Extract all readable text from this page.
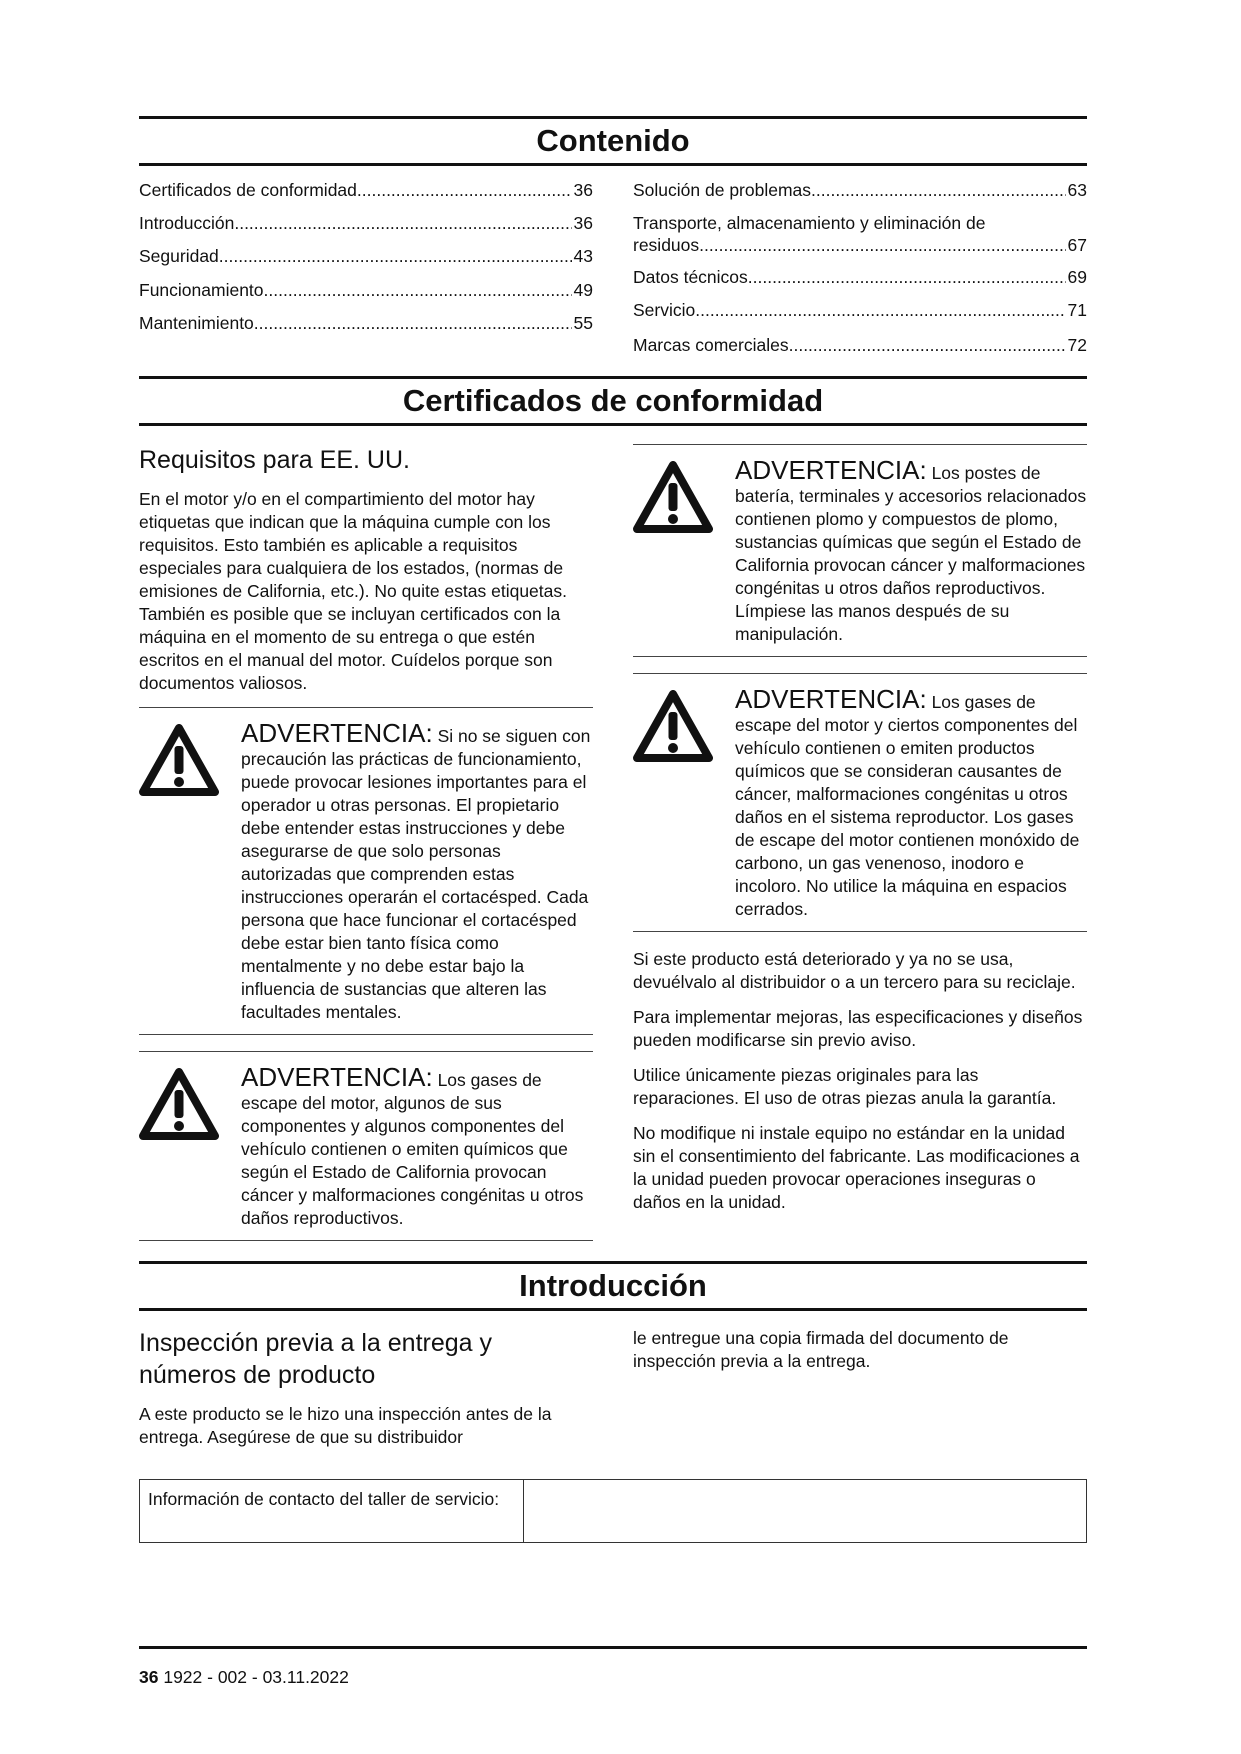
Contenido
Certificados de conformidad .....	36
Introducción .....	36
Seguridad .....	43
Funcionamiento .....	49
Mantenimiento .....	55
Solución de problemas .....	63
Transporte, almacenamiento y eliminación de
residuos .....	67
Datos técnicos .....	69
Servicio .....	71
Marcas comerciales .....	72
Certificados de conformidad
Requisitos para EE. UU.

En el motor y/o en el compartimiento del motor hay etiquetas que indican que la máquina cumple con los requisitos. Esto también es aplicable a requisitos especiales para cualquiera de los estados, (normas de emisiones de California, etc.). No quite estas etiquetas. También es posible que se incluyan certificados con la máquina en el momento de su entrega o que estén escritos en el manual del motor. Cuídelos porque son documentos valiosos.

ADVERTENCIA: Si no se siguen con precaución las prácticas de funcionamiento, puede provocar lesiones importantes para el operador u otras personas. El propietario debe entender estas instrucciones y debe asegurarse de que solo personas autorizadas que comprenden estas instrucciones operarán el cortacésped. Cada persona que hace funcionar el cortacésped debe estar bien tanto física como mentalmente y no debe estar bajo la influencia de sustancias que alteren las facultades mentales.
ADVERTENCIA: Los gases de escape del motor, algunos de sus componentes y algunos componentes del vehículo contienen o emiten químicos que según el Estado de California provocan cáncer y malformaciones congénitas u otros daños reproductivos.
ADVERTENCIA: Los postes de batería, terminales y accesorios relacionados contienen plomo y compuestos de plomo, sustancias químicas que según el Estado de California provocan cáncer y malformaciones congénitas u otros daños reproductivos. Límpiese las manos después de su manipulación.
ADVERTENCIA: Los gases de escape del motor y ciertos componentes del vehículo contienen o emiten productos químicos que se consideran causantes de cáncer, malformaciones congénitas u otros daños en el sistema reproductor. Los gases de escape del motor contienen monóxido de carbono, un gas venenoso, inodoro e incoloro. No utilice la máquina en espacios cerrados.

Si este producto está deteriorado y ya no se usa, devuélvalo al distribuidor o a un tercero para su reciclaje.

Para implementar mejoras, las especificaciones y diseños pueden modificarse sin previo aviso.

Utilice únicamente piezas originales para las reparaciones. El uso de otras piezas anula la garantía.

No modifique ni instale equipo no estándar en la unidad sin el consentimiento del fabricante. Las modificaciones a la unidad pueden provocar operaciones inseguras o daños en la unidad.

Introducción
Inspección previa a la entrega y números de producto

A este producto se le hizo una inspección antes de la entrega. Asegúrese de que su distribuidor

le entregue una copia firmada del documento de inspección previa a la entrega.

Información de contacto del taller de servicio:
36 1922 - 002 - 03.11.2022
